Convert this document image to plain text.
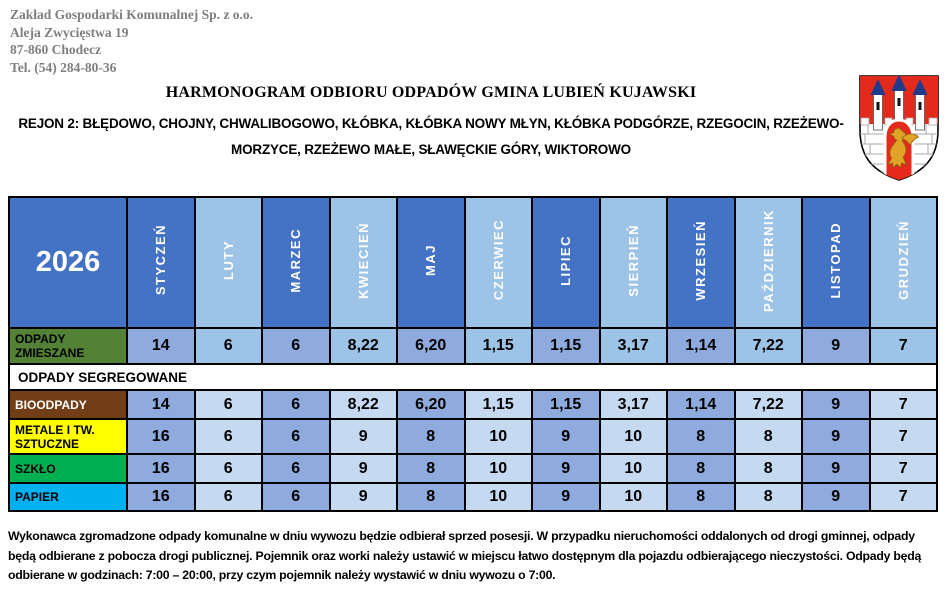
Zakład Gospodarki Komunalnej Sp. z o.o.
Aleja Zwycięstwa 19
87-860 Chodecz
Tel. (54) 284-80-36
HARMONOGRAM ODBIORU ODPADÓW GMINA LUBIEŃ KUJAWSKI
REJON 2: BŁĘDOWO, CHOJNY, CHWALIBOGOWO, KŁÓBKA, KŁÓBKA NOWY MŁYN, KŁÓBKA PODGÓRZE, RZEGOCIN, RZEŻEWO-MORZYCE, RZEŻEWO MAŁE, SŁAWĘCKIE GÓRY, WIKTOROWO
2026	STYCZEŃ	LUTY	MARZEC	KWIECIEŃ	MAJ	CZERWIEC	LIPIEC	SIERPIEŃ	WRZESIEŃ	PAŹDZIERNIK	LISTOPAD	GRUDZIEŃ
ODPADY ZMIESZANE	14	6	6	8,22	6,20	1,15	1,15	3,17	1,14	7,22	9	7
ODPADY SEGREGOWANE												
BIOODPADY	14	6	6	8,22	6,20	1,15	1,15	3,17	1,14	7,22	9	7
METALE I TW. SZTUCZNE	16	6	6	9	8	10	9	10	8	8	9	7
SZKŁO	16	6	6	9	8	10	9	10	8	8	9	7
PAPIER	16	6	6	9	8	10	9	10	8	8	9	7

Wykonawca zgromadzone odpady komunalne w dniu wywozu będzie odbierał sprzed posesji. W przypadku nieruchomości oddalonych od drogi gminnej, odpady będą odbierane z pobocza drogi publicznej. Pojemnik oraz worki należy ustawić w miejscu łatwo dostępnym dla pojazdu odbierającego nieczystości. Odpady będą odbierane w godzinach: 7:00 – 20:00, przy czym pojemnik należy wystawić w dniu wywozu o 7:00.
